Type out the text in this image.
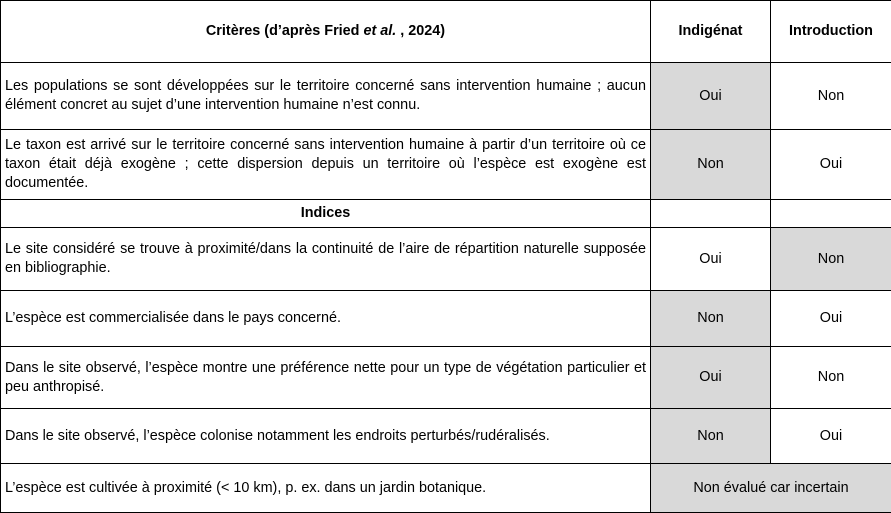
Critères (d’après Fried et al. , 2024)	Indigénat	Introduction
Les populations se sont développées sur le territoire concerné sans intervention humaine ; aucun élément concret au sujet d’une intervention humaine n’est connu.	Oui	Non
Le taxon est arrivé sur le territoire concerné sans intervention humaine à partir d’un territoire où ce taxon était déjà exogène ; cette dispersion depuis un territoire où l’espèce est exogène est documentée.	Non	Oui
Indices		
Le site considéré se trouve à proximité/dans la continuité de l’aire de répartition naturelle supposée en bibliographie.	Oui	Non
L’espèce est commercialisée dans le pays concerné.	Non	Oui
Dans le site observé, l’espèce montre une préférence nette pour un type de végétation particulier et peu anthropisé.	Oui	Non
Dans le site observé, l’espèce colonise notamment les endroits perturbés/rudéralisés.	Non	Oui
L’espèce est cultivée à proximité (< 10 km), p. ex. dans un jardin botanique.	Non évalué car incertain	
